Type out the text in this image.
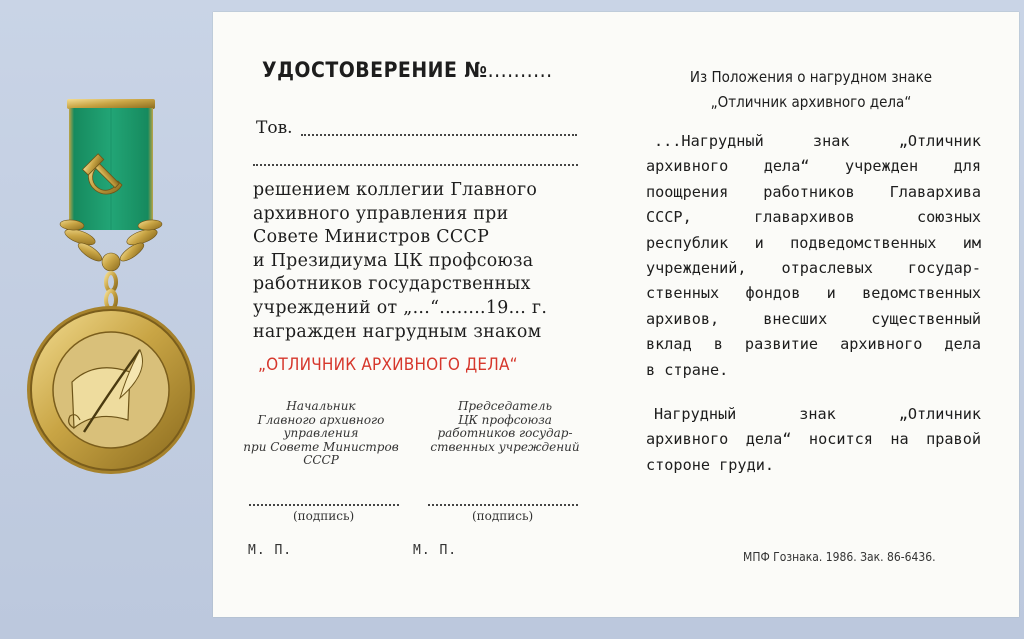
УДОСТОВЕРЕНИЕ №..........

Тов.

решением коллегии Главного
архивного управления при
Совете Министров СССР
и Президиума ЦК профсоюза
работников государственных
учреждений от „...“........19... г.
награжден нагрудным знаком

„ОТЛИЧНИК АРХИВНОГО ДЕЛА“

Начальник
Главного архивного
управления
при Совете Министров
СССР
Председатель
ЦК профсоюза
работников государ-
ственных учреждений

(подпись)	(подпись)

М. П.	М. П.

Из Положения о нагрудном знаке
„Отличник архивного дела“
...Нагрудный знак „Отличник
архивного дела“ учрежден для
поощрения работников Главархива
СССР, главархивов союзных
республик и подведомственных им
учреждений, отраслевых государ-
ственных фондов и ведомственных
архивов, внесших существенный
вклад в развитие архивного дела
в стране.
Нагрудный знак „Отличник
архивного дела“ носится на правой
стороне груди.

МПФ Гознака. 1986. Зак. 86-6436.
